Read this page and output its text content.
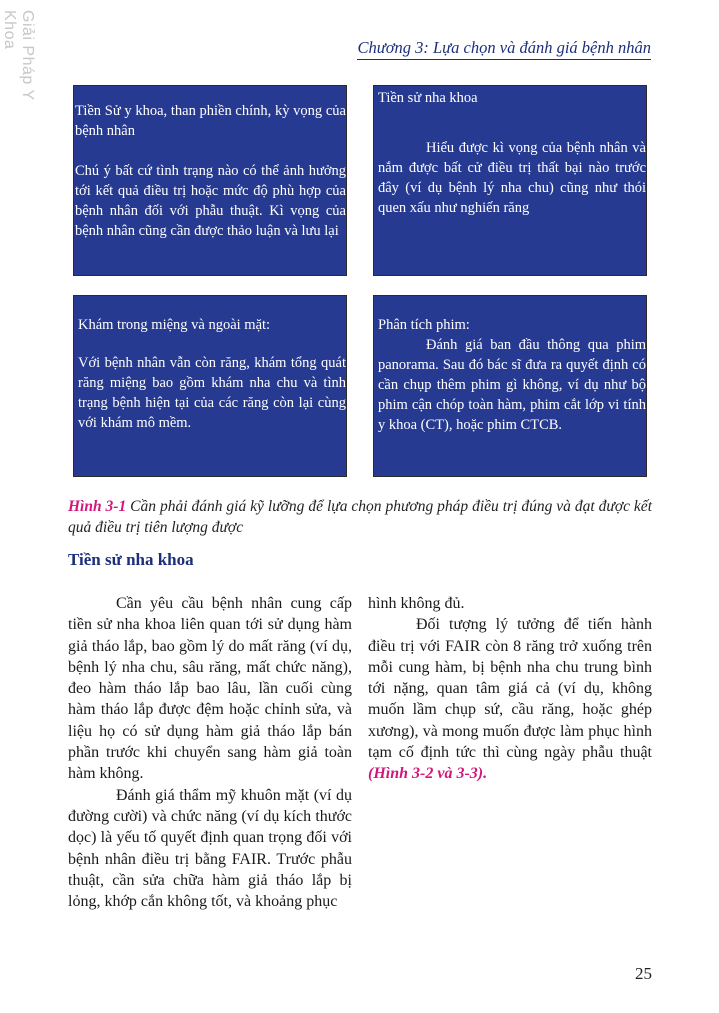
Giải Pháp Y Khoa	Chương 3: Lựa chọn và đánh giá bệnh nhân

Tiền Sử y khoa, than phiền chính, kỳ vọng của bệnh nhân

Chú ý bất cứ tình trạng nào có thể ảnh hưởng tới kết quả điều trị hoặc mức độ phù hợp của bệnh nhân đối với phẫu thuật. Kì vọng của bệnh nhân cũng cần được thảo luận và lưu lại

Tiền sử nha khoa

Hiểu được kì vọng của bệnh nhân và nắm được bất cử điều trị thất bại nào trước đây (ví dụ bệnh lý nha chu) cũng như thói quen xấu như nghiến răng

Khám trong miệng và ngoài mặt:

Với bệnh nhân vẫn còn răng, khám tổng quát răng miệng bao gồm khám nha chu và tình trạng bệnh hiện tại của các răng còn lại cùng với khám mô mềm.

Phân tích phim:

Đánh giá ban đầu thông qua phim panorama. Sau đó bác sĩ đưa ra quyết định có cần chụp thêm phim gì không, ví dụ như bộ phim cận chóp toàn hàm, phim cắt lớp vi tính y khoa (CT), hoặc phim CTCB.

Hình 3-1 Cần phải đánh giá kỹ lưỡng để lựa chọn phương pháp điều trị đúng và đạt được kết quả điều trị tiên lượng được
Tiền sử nha khoa

Cần yêu cầu bệnh nhân cung cấp tiền sử nha khoa liên quan tới sử dụng hàm giả tháo lắp, bao gồm lý do mất răng (ví dụ, bệnh lý nha chu, sâu răng, mất chức năng), đeo hàm tháo lắp bao lâu, lần cuối cùng hàm tháo lắp được đệm hoặc chỉnh sửa, và liệu họ có sử dụng hàm giả tháo lắp bán phần trước khi chuyển sang hàm giả toàn hàm không.

Đánh giá thẩm mỹ khuôn mặt (ví dụ đường cười) và chức năng (ví dụ kích thước dọc) là yếu tố quyết định quan trọng đối với bệnh nhân điều trị bằng FAIR. Trước phẫu thuật, cần sửa chữa hàm giả tháo lắp bị lỏng, khớp cắn không tốt, và khoảng phục

hình không đủ.

Đối tượng lý tưởng để tiến hành điều trị với FAIR còn 8 răng trở xuống trên mỗi cung hàm, bị bệnh nha chu trung bình tới nặng, quan tâm giá cả (ví dụ, không muốn lầm chụp sứ, cầu răng, hoặc ghép xương), và mong muốn được làm phục hình tạm cố định tức thì cùng ngày phẫu thuật (Hình 3-2 và 3-3).

25
